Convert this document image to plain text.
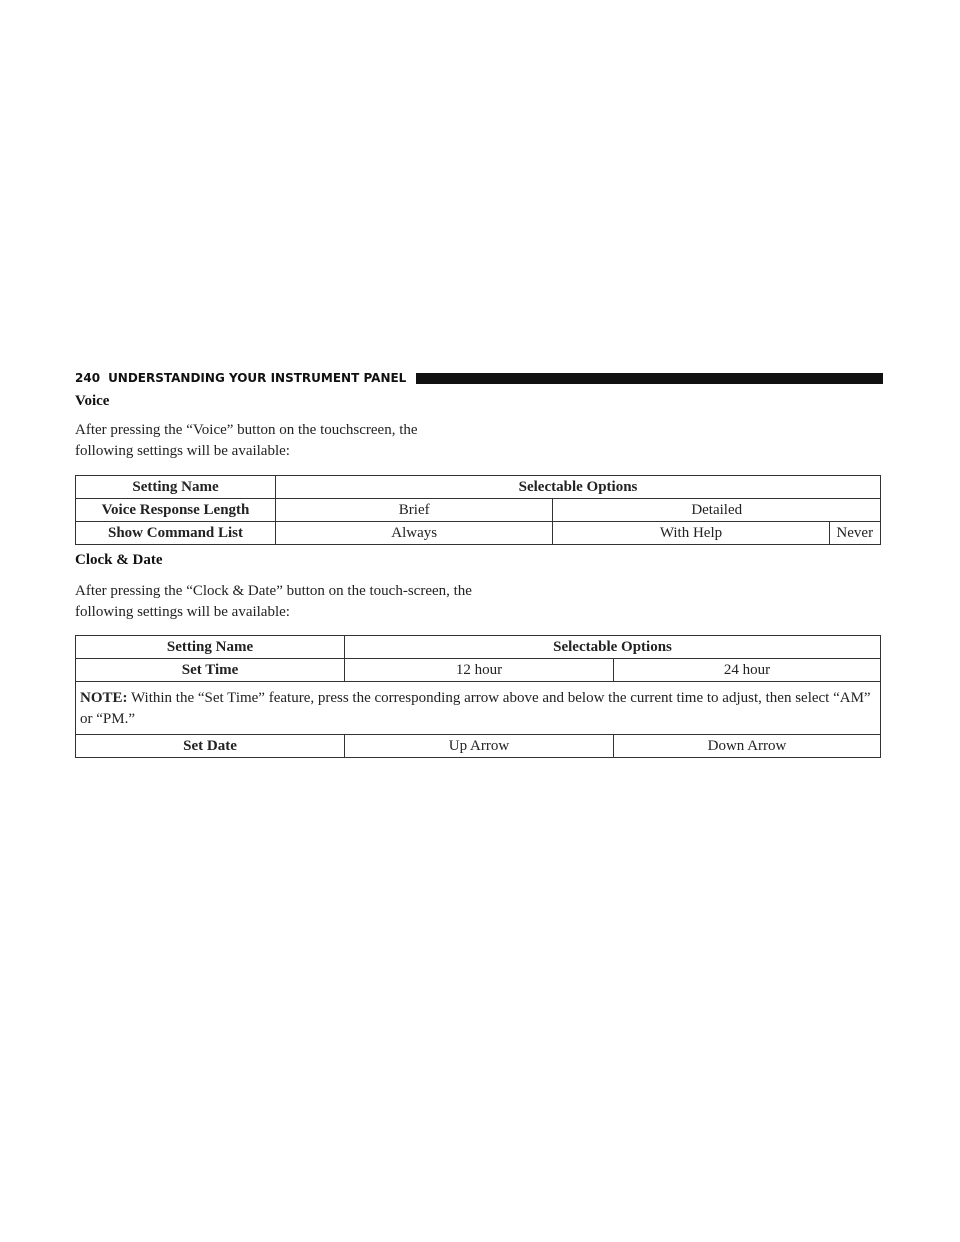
240 UNDERSTANDING YOUR INSTRUMENT PANEL
Voice
After pressing the “Voice” button on the touchscreen, the following settings will be available:
Setting Name	Selectable Options		
Voice Response Length	Brief	Detailed	
Show Command List	Always	With Help	Never
Clock & Date
After pressing the “Clock & Date” button on the touch-screen, the following settings will be available:
Setting Name	Selectable Options	
Set Time	12 hour	24 hour
NOTE: Within the “Set Time” feature, press the corresponding arrow above and below the current time to adjust, then select “AM” or “PM.”		
Set Date	Up Arrow	Down Arrow
